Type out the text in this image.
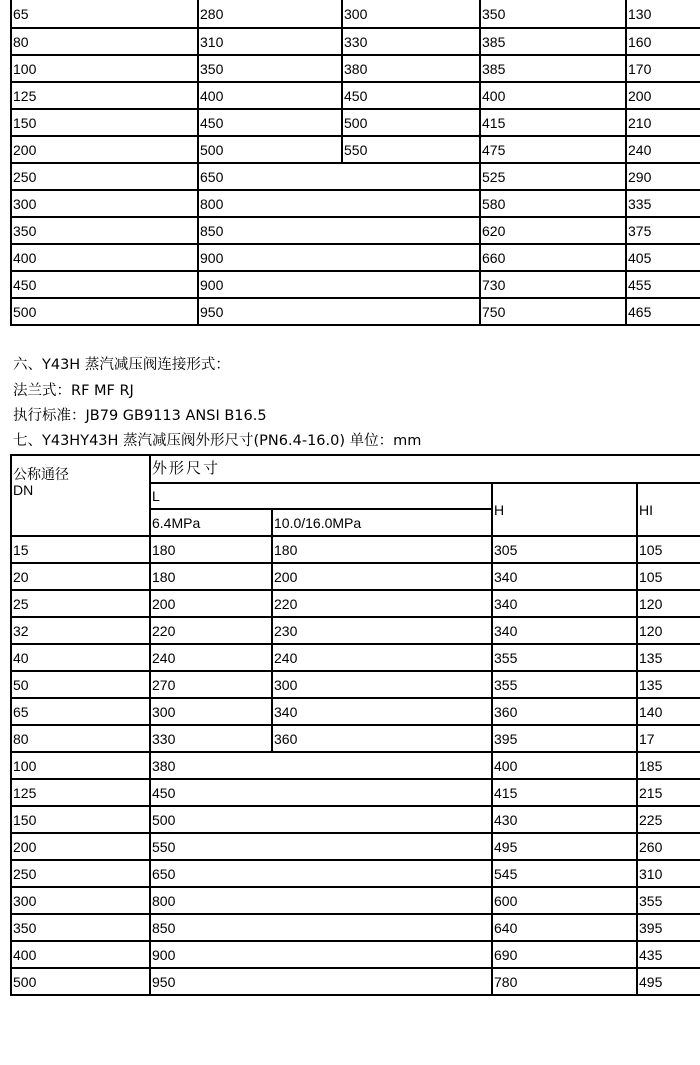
65	280	300	350	130
80	310	330	385	160
100	350	380	385	170
125	400	450	400	200
150	450	500	415	210
200	500	550	475	240
250	650		525	290
300	800		580	335
350	850		620	375
400	900		660	405
450	900		730	455
500	950		750	465
六、Y43H 蒸汽减压阀连接形式：
法兰式：RF MF RJ
执行标准：JB79 GB9113 ANSI B16.5
七、Y43HY43H 蒸汽减压阀外形尺寸(PN6.4-16.0) 单位：mm
公称通径
DN	外形尺寸			
	L		H	HI
	6.4MPa	10.0/16.0MPa		
15	180	180	305	105
20	180	200	340	105
25	200	220	340	120
32	220	230	340	120
40	240	240	355	135
50	270	300	355	135
65	300	340	360	140
80	330	360	395	17
100	380		400	185
125	450		415	215
150	500		430	225
200	550		495	260
250	650		545	310
300	800		600	355
350	850		640	395
400	900		690	435
500	950		780	495
